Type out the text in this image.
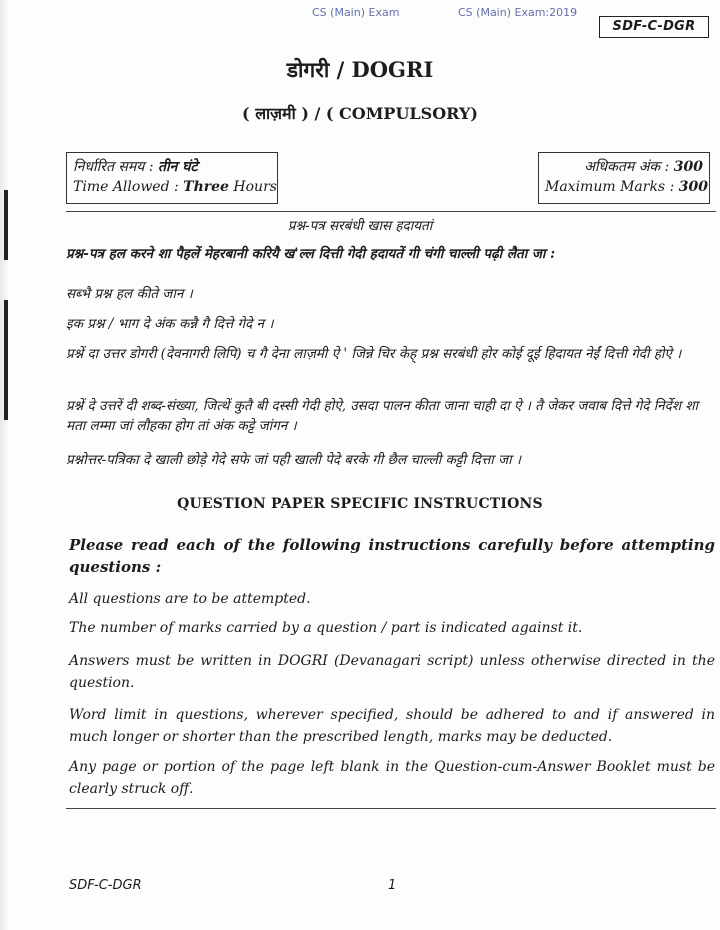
CS (Main) Exam	CS (Main) Exam:2019
SDF-C-DGR
डोगरी / DOGRI
( लाज़मी ) / ( COMPULSORY)
निर्धारित समय : तीन घंटे
Time Allowed : Three Hours
अधिकतम अंक : 300
Maximum Marks : 300
प्रश्न-पत्र सरबंधी खास हदायतां
प्रश्न-पत्र हल करने शा पैहलें मेहरबानी करियै ख'ल्ल दित्ती गेदी हदायतें गी चंगी चाल्ली पढ़ी लैता जा :
सब्भै प्रश्न हल कीते जान ।
इक प्रश्न / भाग दे अंक कन्नै गै दित्ते गेदे न ।
प्रश्नें दा उत्तर डोगरी (देवनागरी लिपि) च गै देना लाज़मी ऐ ' जिन्ने चिर केह् प्रश्न सरबंधी होर कोई दूई हिदायत नेईं दित्ती गेदी होऐ ।
प्रश्नें दे उत्तरें दी शब्द-संख्या, जित्थें कुतै बी दस्सी गेदी होऐ, उसदा पालन कीता जाना चाही दा ऐ । तै जेकर जवाब दित्ते गेदे निर्देश शा मता लम्मा जां लौहका होग तां अंक कट्टे जांगन ।
प्रश्नोत्तर-पत्रिका दे खाली छोड़े गेदे सफे जां पही खाली पेदे बरके गी छैल चाल्ली कट्टी दित्ता जा ।
QUESTION PAPER SPECIFIC INSTRUCTIONS
Please read each of the following instructions carefully before attempting questions :
All questions are to be attempted.
The number of marks carried by a question / part is indicated against it.
Answers must be written in DOGRI (Devanagari script) unless otherwise directed in the question.
Word limit in questions, wherever specified, should be adhered to and if answered in much longer or shorter than the prescribed length, marks may be deducted.
Any page or portion of the page left blank in the Question-cum-Answer Booklet must be clearly struck off.
SDF-C-DGR	1
